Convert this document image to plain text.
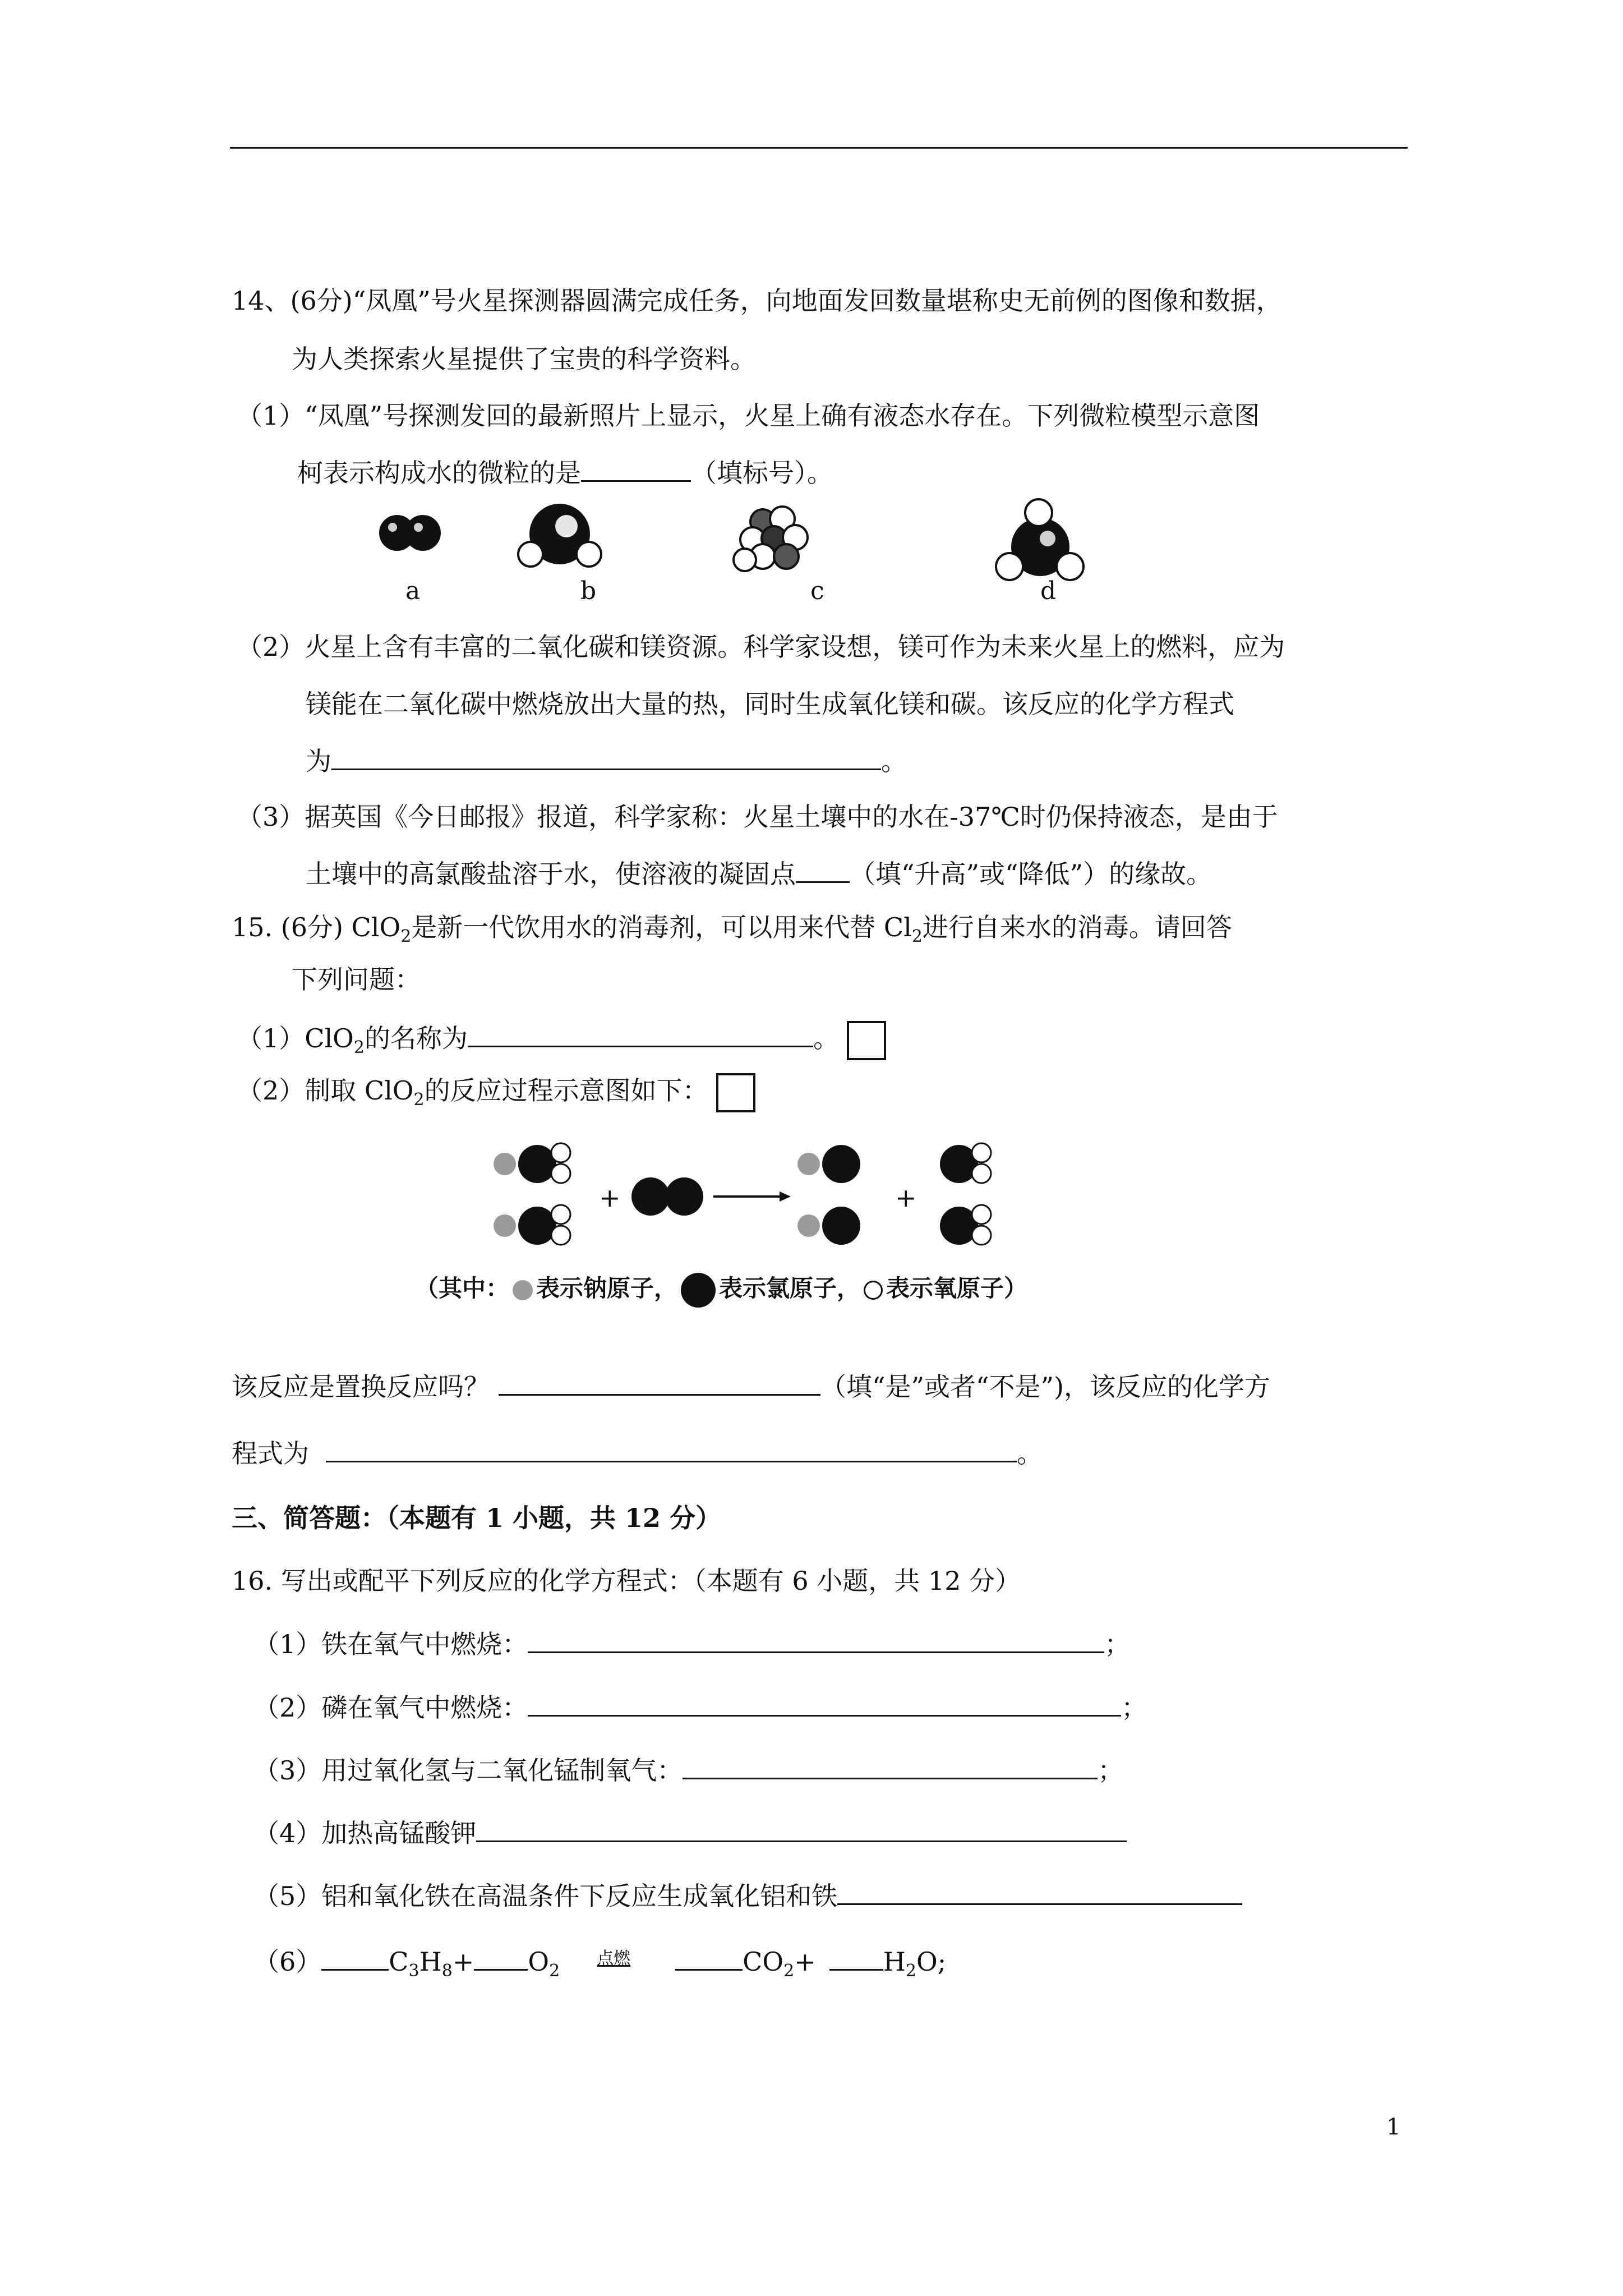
14、(6分)“凤凰”号火星探测器圆满完成任务，向地面发回数量堪称史无前例的图像和数据，
为人类探索火星提供了宝贵的科学资料。
（1）“凤凰”号探测发回的最新照片上显示，火星上确有液态水存在。下列微粒模型示意图
柯表示构成水的微粒的是	（填标号）。
a	b	c	d
（2）火星上含有丰富的二氧化碳和镁资源。科学家设想，镁可作为未来火星上的燃料，应为
镁能在二氧化碳中燃烧放出大量的热，同时生成氧化镁和碳。该反应的化学方程式
为	。
（3）据英国《今日邮报》报道，科学家称：火星土壤中的水在-37℃时仍保持液态，是由于
土壤中的高氯酸盐溶于水，使溶液的凝固点 （填“升高”或“降低”）的缘故。
15. (6分) ClO$_2$是新一代饮用水的消毒剂，可以用来代替 $Cl_2$进行自来水的消毒。请回答
下列问题：
（1）ClO$_2$的名称为	。
（2）制取 ClO$_2$的反应过程示意图如下：
+	+
（其中： 表示钠原子， 表示氯原子， 表示氧原子）
该反应是置换反应吗？	（填“是”或者“不是”)，该反应的化学方
程式为	。
三、简答题：（本题有 1 小题，共 12 分）
16. 写出或配平下列反应的化学方程式：（本题有 6 小题，共 12 分）
（1）铁在氧气中燃烧：	；
（2）磷在氧气中燃烧：	；
（3）用过氧化氢与二氧化锰制氧气：	；
（4）加热高锰酸钾
（5）铝和氧化铁在高温条件下反应生成氧化铝和铁
（6）	$C_3H_8+ O_2^{点燃}$	$CO_2+$	$H_2O$;
1
